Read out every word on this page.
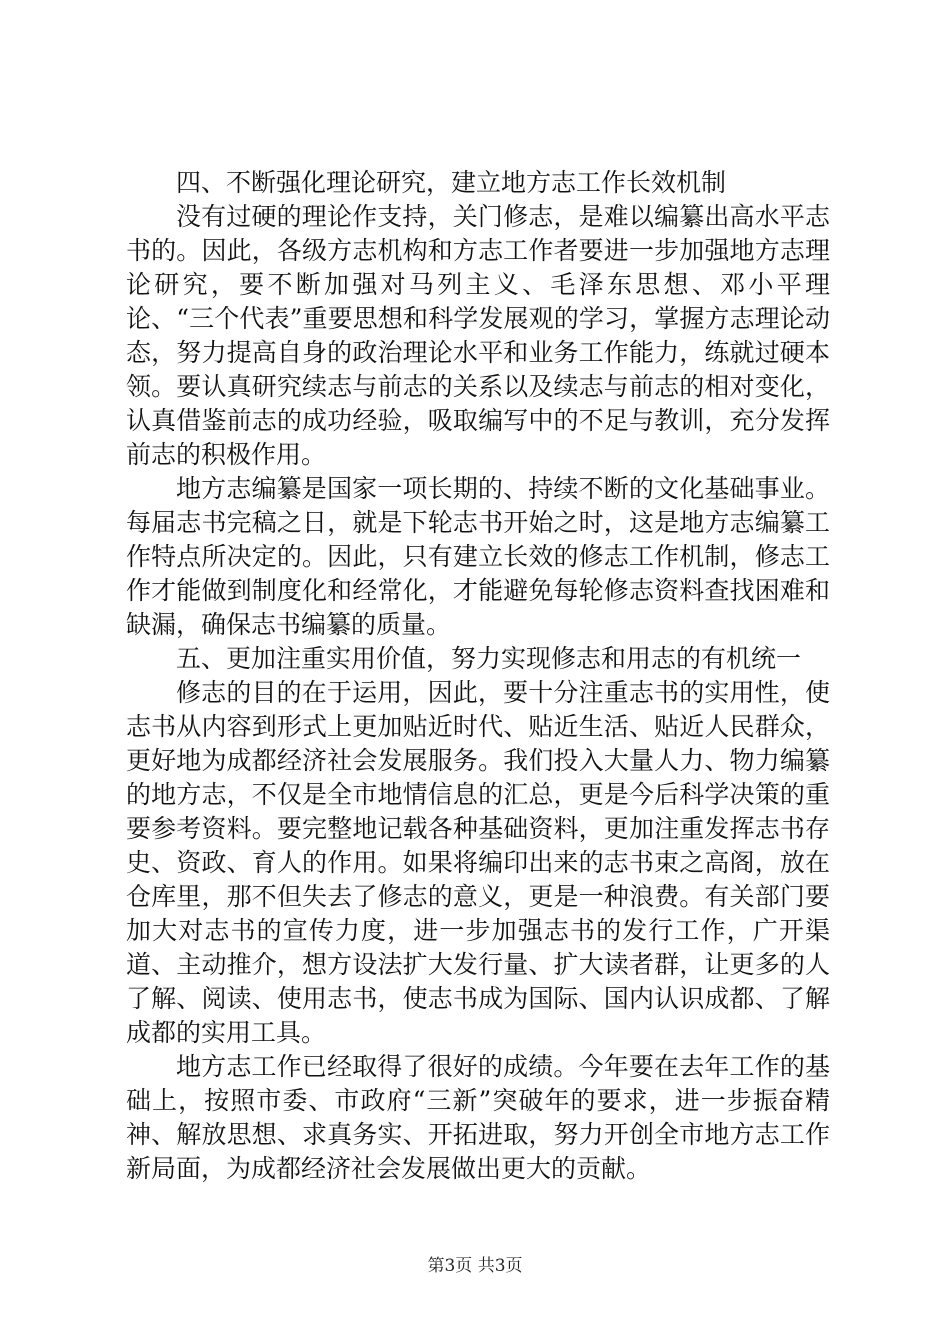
四、不断强化理论研究，建立地方志工作长效机制

没有过硬的理论作支持，关门修志，是难以编纂出高水平志书的。因此，各级方志机构和方志工作者要进一步加强地方志理论研究，要不断加强对马列主义、毛泽东思想、邓小平理论、“三个代表”重要思想和科学发展观的学习，掌握方志理论动态，努力提高自身的政治理论水平和业务工作能力，练就过硬本领。要认真研究续志与前志的关系以及续志与前志的相对变化，认真借鉴前志的成功经验，吸取编写中的不足与教训，充分发挥前志的积极作用。

地方志编纂是国家一项长期的、持续不断的文化基础事业。每届志书完稿之日，就是下轮志书开始之时，这是地方志编纂工作特点所决定的。因此，只有建立长效的修志工作机制，修志工作才能做到制度化和经常化，才能避免每轮修志资料查找困难和缺漏，确保志书编纂的质量。

五、更加注重实用价值，努力实现修志和用志的有机统一

修志的目的在于运用，因此，要十分注重志书的实用性，使志书从内容到形式上更加贴近时代、贴近生活、贴近人民群众，更好地为成都经济社会发展服务。我们投入大量人力、物力编纂的地方志，不仅是全市地情信息的汇总，更是今后科学决策的重要参考资料。要完整地记载各种基础资料，更加注重发挥志书存史、资政、育人的作用。如果将编印出来的志书束之高阁，放在仓库里，那不但失去了修志的意义，更是一种浪费。有关部门要加大对志书的宣传力度，进一步加强志书的发行工作，广开渠道、主动推介，想方设法扩大发行量、扩大读者群，让更多的人了解、阅读、使用志书，使志书成为国际、国内认识成都、了解成都的实用工具。

地方志工作已经取得了很好的成绩。今年要在去年工作的基础上，按照市委、市政府“三新”突破年的要求，进一步振奋精神、解放思想、求真务实、开拓进取，努力开创全市地方志工作新局面，为成都经济社会发展做出更大的贡献。

第3页 共3页
